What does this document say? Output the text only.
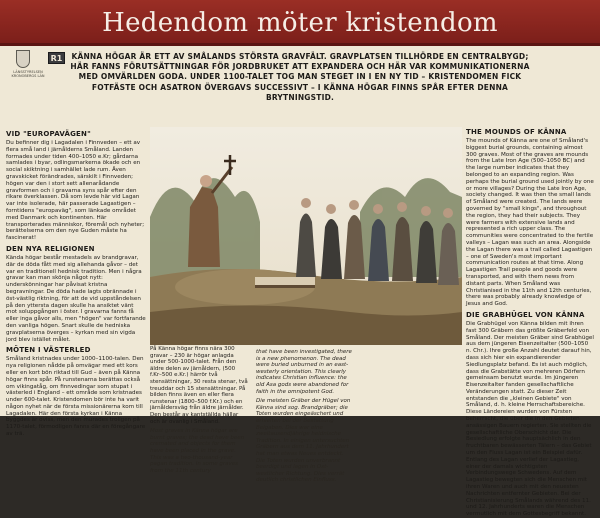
Hedendom möter kristendom
LÄNSSTYRELSEN KRONOBERGS LÄN
R1	KÄNNA HÖGAR ÄR ETT AV SMÅLANDS STÖRSTA GRAVFÄLT. GRAVPLATSEN TILLHÖRDE EN CENTRALBYGD; HÄR FANNS FÖRUTSÄTTNINGAR FÖR JORDBRUKET ATT EXPANDERA OCH HÄR VAR KOMMUNIKATIONERNA MED OMVÄRLDEN GODA. UNDER 1100-TALET TOG MAN STEGET IN I EN NY TID – KRISTENDOMEN FICK FOTFÄSTE OCH ASATRON ÖVERGAVS SUCCESSIVT – I KÄNNA HÖGAR FINNS SPÅR EFTER DENNA BRYTNINGSTID.
VID "EUROPAVÄGEN"

Du befinner dig i Lagadalen i Finnveden – ett av flera små land i järnålderns Småland. Landen formades under tiden 400–1050 e.Kr; gårdarna samlades i byar, odlingsmarkerna ökade och en social skiktning i samhället lade rum. Även gravskicket förändrades, särskilt i Finnveden; högen var den i stort sett allenarådande gravformen och i gravarna syns spår efter den rikare överklassen. Då som levde här vid Lagan var inte isolerade, här passerade Lagastigen – forntidens "europaväg", som länkade området med Danmark och kontinenten. Här transporterades människor, föremål och nyheter; berättelserna om den nye Guden måste ha fascinerat!

DEN NYA RELIGIONEN

Kända högar består mestadels av brandgravar, där de döda fått med sig allehanda gåvor – det var en traditionell hednisk tradition. Men i några gravar kan man skönja något nytt: underskönningar har påvisat kristna begravningar. De döda hade lagts obrännade i öst-västlig riktning, för att de vid uppståndelsen på den yttersta dagen skulle ha ansiktet vänt mot soluppgången i öster. I gravarna fanns få eller inga gåvor alls, men "högen" var fortfarande den vanliga högen. Snart skulle de hedniska gravplatserna överges – kyrkan med sin vigda jord blev istället målet.

MÖTEN I VÄSTERLED

Småland kristnades under 1000–1100-talen. Den nya religionen nådde på omvägar med ett kors eller en kort bön riktad till Gud – även på Känna högar finns spår. På runstenarna berättas också om vikingatåg, om finnvedingar som stupat i västerled i England – ett område som kristnades under 600-talet. Kristendomen bör inte ha varit någon nyhet när de första missionärerna kom till Lagadalen. Här den första kyrkan i Känna byggdes är oviss, men den murades troligen på 1170-talet, förmodligen fanns där en föregångare av trä.

THE MOUNDS OF KÄNNA

The mounds of Känna are one of Småland's biggest burial grounds, containing almost 300 graves. Most of the graves are mounds from the Late Iron Age (500–1050 BC) and the large number indicates that they belonged to an expanding region. Was perhaps the burial ground used jointly by one or more villages? During the Late Iron Age, society changed. It was then the small lands of Småland were created. The lands were governed by "small kings", and throughout the region, they had their subjects. They were farmers with extensive lands and represented a rich upper class. The communities were concentrated to the fertile valleys – Lagan was such an area. Alongside the Lagan there was a trail called Lagastigen – one of Sweden's most important communication routes at that time. Along Lagastigen Trail people and goods were transported, and with them news from distant parts. When Småland was Christianised in the 11th and 12th centuries, there was probably already knowledge of Jesus and God.

DIE GRABHÜGEL VON KÄNNA

Die Grabhügel von Känna bilden mit ihren fast 300 Gräbern das größte Gräberfeld von Småland. Der meisten Gräber sind Grabhügel aus dem jüngeren Eisenzeitalter (500–1050 n. Chr.). Ihre große Anzahl deutet darauf hin, dass sich hier ein expandierender Siedlungsplatz befand. Es ist auch möglich, dass die Grabstätte von mehreren Dörfern gemeinsam benutzt wurde. Im jüngeren Eisenzeitalter fanden gesellschaftliche Veränderungen statt. Zu dieser Zeit entstanden die „kleinen Gebiete" von Småland, d. h. kleine Herrschaftsbereiche. Diese Ländereien wurden von Fürsten beherrscht, die über die in den Gebieten ansässigen Bauern regierten. Sie stellten die gesellschaftliche Oberschicht dar. Die Besiedlung erfolgte hauptsächlich in den fruchtbaren bewässerten Tälern – das Gebiet um den Fluss Lagan ist ein Beispiel dafür. Entlang des Lagan verlief der Lagastieg, einer der damals wichtigsten Verbindungswege Schwedens. Auf dem Lagastieg bewegten sich die Menschen mit ihren Waren und auch mit den neuesten Nachrichten entfernter Gebieten. Bei der Christianisierung Smålands während des 11. und 12. Jahrhunderts waren die Menschen vermutlich mit dem Gottesbegriff bekannt.

På Känna högar finns nära 300 gravar – 230 är högar anlagda under 500-1000-talet. Från den äldre delen av järnåldern, (500 f.Kr–500 e.Kr.) härrör två stensättningar, 30 resta stenar, två treuddar och 15 stensättningar. På bilden finns även en eller flera runstenar (1800–500 f.Kr.) och en järnåldersväg från äldre järnålder. Den består av kantställda hällar och är ovanlig i Småland.

Most graves in Känna högar are burnt graves; the dead have been cremated and objects for them have been placed in the grave. This was a two-thousand-year pagan tradition. In some graves from the 11th century

that have been investigated, there is a new phenomenon. The dead were buried unburned in an east-westerly orientation. This clearly indicates Christian influence: the old Asa gods were abandoned for faith in the omnipotent God.

Die meisten Gräber der Hügel von Känna sind sog. Brandgräber; die Toten wurden eingeäschert und erhielten bei der Bestattung Beigaben. Dies war eine zweitausendjährige heidnische Tradition. In einigen untersuchten Gräbern aus dem 11. Jahrhundert hat man etwas Neues entdeckt. Die Toten wurden unverbrannt beerdigt und lagen in Ost-westlicher Richtung. Dies verrät deutlich christlichen Einfluss.
